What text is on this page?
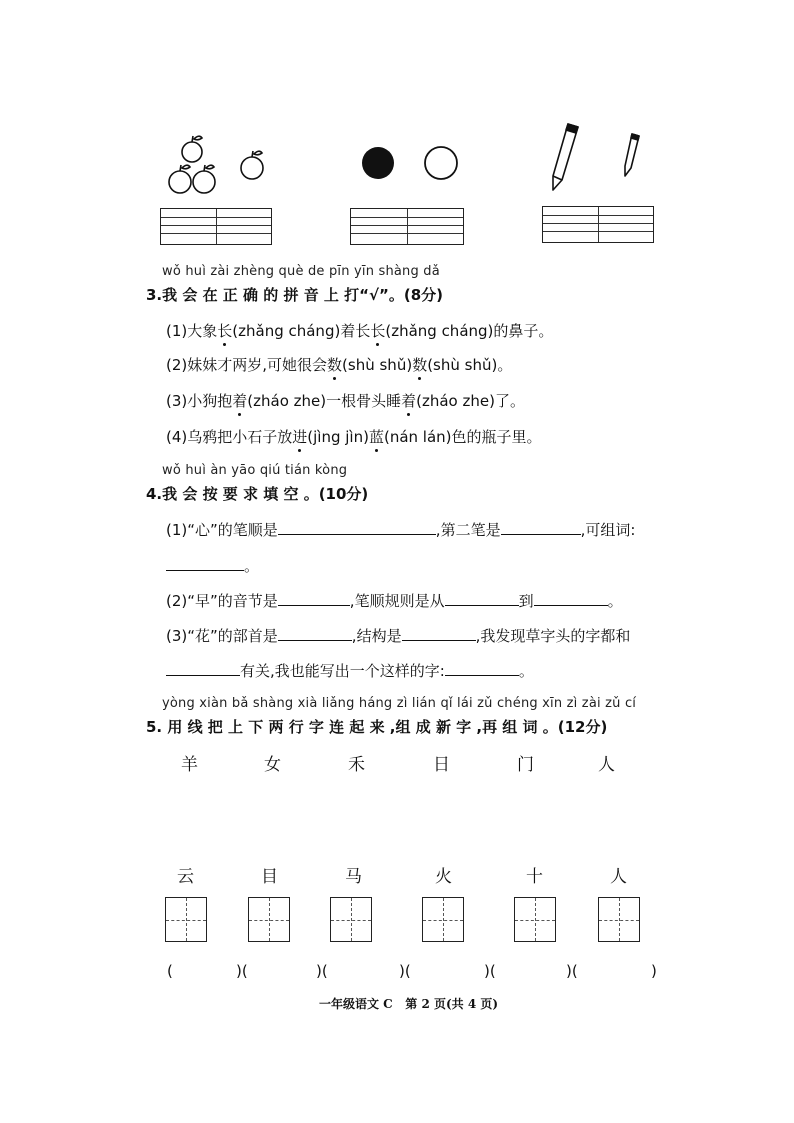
wǒ huì zài zhèng què de pīn yīn shàng dǎ
3.我 会 在 正 确 的 拼 音 上 打“√”。(8分)
(1)大象长(zhǎng cháng)着长长(zhǎng cháng)的鼻子。
(2)妹妹才两岁,可她很会数(shù shǔ)数(shù shǔ)。
(3)小狗抱着(zháo zhe)一根骨头睡着(zháo zhe)了。
(4)乌鸦把小石子放进(jìng jìn)蓝(nán lán)色的瓶子里。
wǒ huì àn yāo qiú tián kòng
4.我 会 按 要 求 填 空 。(10分)
(1)“心”的笔顺是	,第二笔是	,可组词:
。
(2)“早”的音节是	,笔顺规则是从	到	。
(3)“花”的部首是	,结构是	,我发现草字头的字都和
有关,我也能写出一个这样的字:	。
yòng xiàn bǎ shàng xià liǎng háng zì lián qǐ lái zǔ chéng xīn zì zài zǔ cí
5. 用 线 把 上 下 两 行 字 连 起 来 ,组 成 新 字 ,再 组 词 。(12分)
羊	女	禾	日	门	人
云	目	马	火	十	人
(	)(	)(	)(	)(	)(	)
一年级语文 C   第 2 页(共 4 页)
